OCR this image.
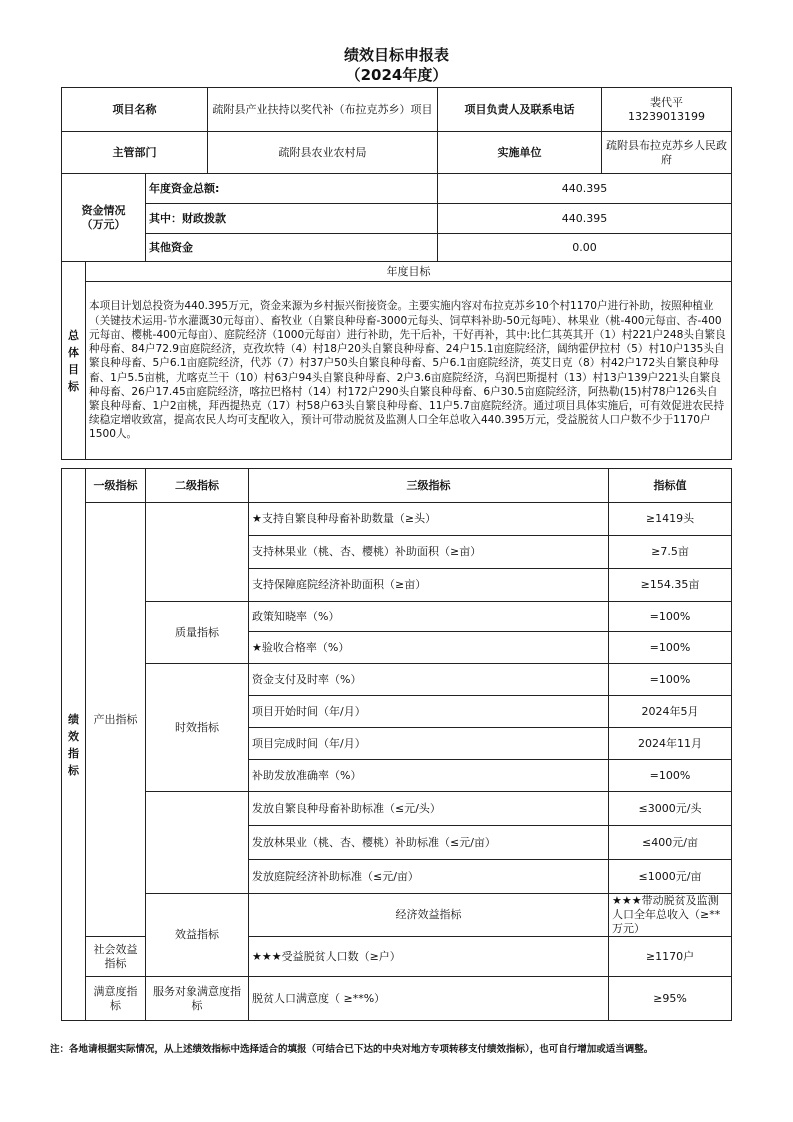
绩效目标申报表
（2024年度）
项目名称			疏附县产业扶持以奖代补（布拉克苏乡）项目	项目负责人及联系电话	裴代平
13239013199

主管部门			疏附县农业农村局	实施单位	疏附县布拉克苏乡人民政府

资金情况
（万元）		年度资金总额:		440.395	
		其中：财政拨款		440.395	
		其他资金		0.00	
总体目标	年度目标				
	本项目计划总投资为440.395万元，资金来源为乡村振兴衔接资金。主要实施内容对布拉克苏乡10个村1170户进行补助，按照种植业（关键技术运用-节水灌溉30元每亩）、畜牧业（自繁良种母畜-3000元每头、饲草料补助-50元每吨）、林果业（桃-400元每亩、杏-400元每亩、樱桃-400元每亩）、庭院经济（1000元每亩）进行补助，先干后补，干好再补，其中:比仁其英其开（1）村221户248头自繁良种母畜、84户72.9亩庭院经济，克孜坎特（4）村18户20头自繁良种母畜、24户15.1亩庭院经济，阔纳霍伊拉村（5）村10户135头自繁良种母畜、5户6.1亩庭院经济，代苏（7）村37户50头自繁良种母畜、5户6.1亩庭院经济，英艾日克（8）村42户172头自繁良种母畜、1户5.5亩桃，尤喀克兰干（10）村63户94头自繁良种母畜、2户3.6亩庭院经济，乌润巴斯提村（13）村13户139户221头自繁良种母畜、26户17.45亩庭院经济，喀拉巴格村（14）村172户290头自繁良种母畜、6户30.5亩庭院经济，阿热勒(15)村78户126头自繁良种母畜、1户2亩桃，拜西提热克（17）村58户63头自繁良种母畜、11户5.7亩庭院经济。通过项目具体实施后，可有效促进农民持续稳定增收致富，提高农民人均可支配收入，预计可带动脱贫及监测人口全年总收入440.395万元，受益脱贫人口户数不少于1170户1500人。				
绩效指标	一级指标	二级指标	三级指标	指标值	
	产出指标		★支持自繁良种母畜补助数量（≥头）	≥1419头	
			支持林果业（桃、杏、樱桃）补助面积（≥亩）	≥7.5亩	
			支持保障庭院经济补助面积（≥亩）	≥154.35亩	
		质量指标	政策知晓率（%）	=100%	
			★验收合格率（%）	=100%	
		时效指标	资金支付及时率（%）	=100%	
			项目开始时间（年/月）	2024年5月	
			项目完成时间（年/月）	2024年11月	
			补助发放准确率（%）	=100%	
			发放自繁良种母畜补助标准（≤元/头）	≤3000元/头	
			发放林果业（桃、杏、樱桃）补助标准（≤元/亩）	≤400元/亩	
			发放庭院经济补助标准（≤元/亩）	≤1000元/亩	
		效益指标	经济效益指标	★★★带动脱贫及监测人口全年总收入（≥**万元）	
	社会效益指标		★★★受益脱贫人口数（≥户）	≥1170户	
	满意度指标	服务对象满意度指标	脱贫人口满意度（ ≥**%）	≥95%	
注：各地请根据实际情况，从上述绩效指标中选择适合的填报（可结合已下达的中央对地方专项转移支付绩效指标），也可自行增加或适当调整。
